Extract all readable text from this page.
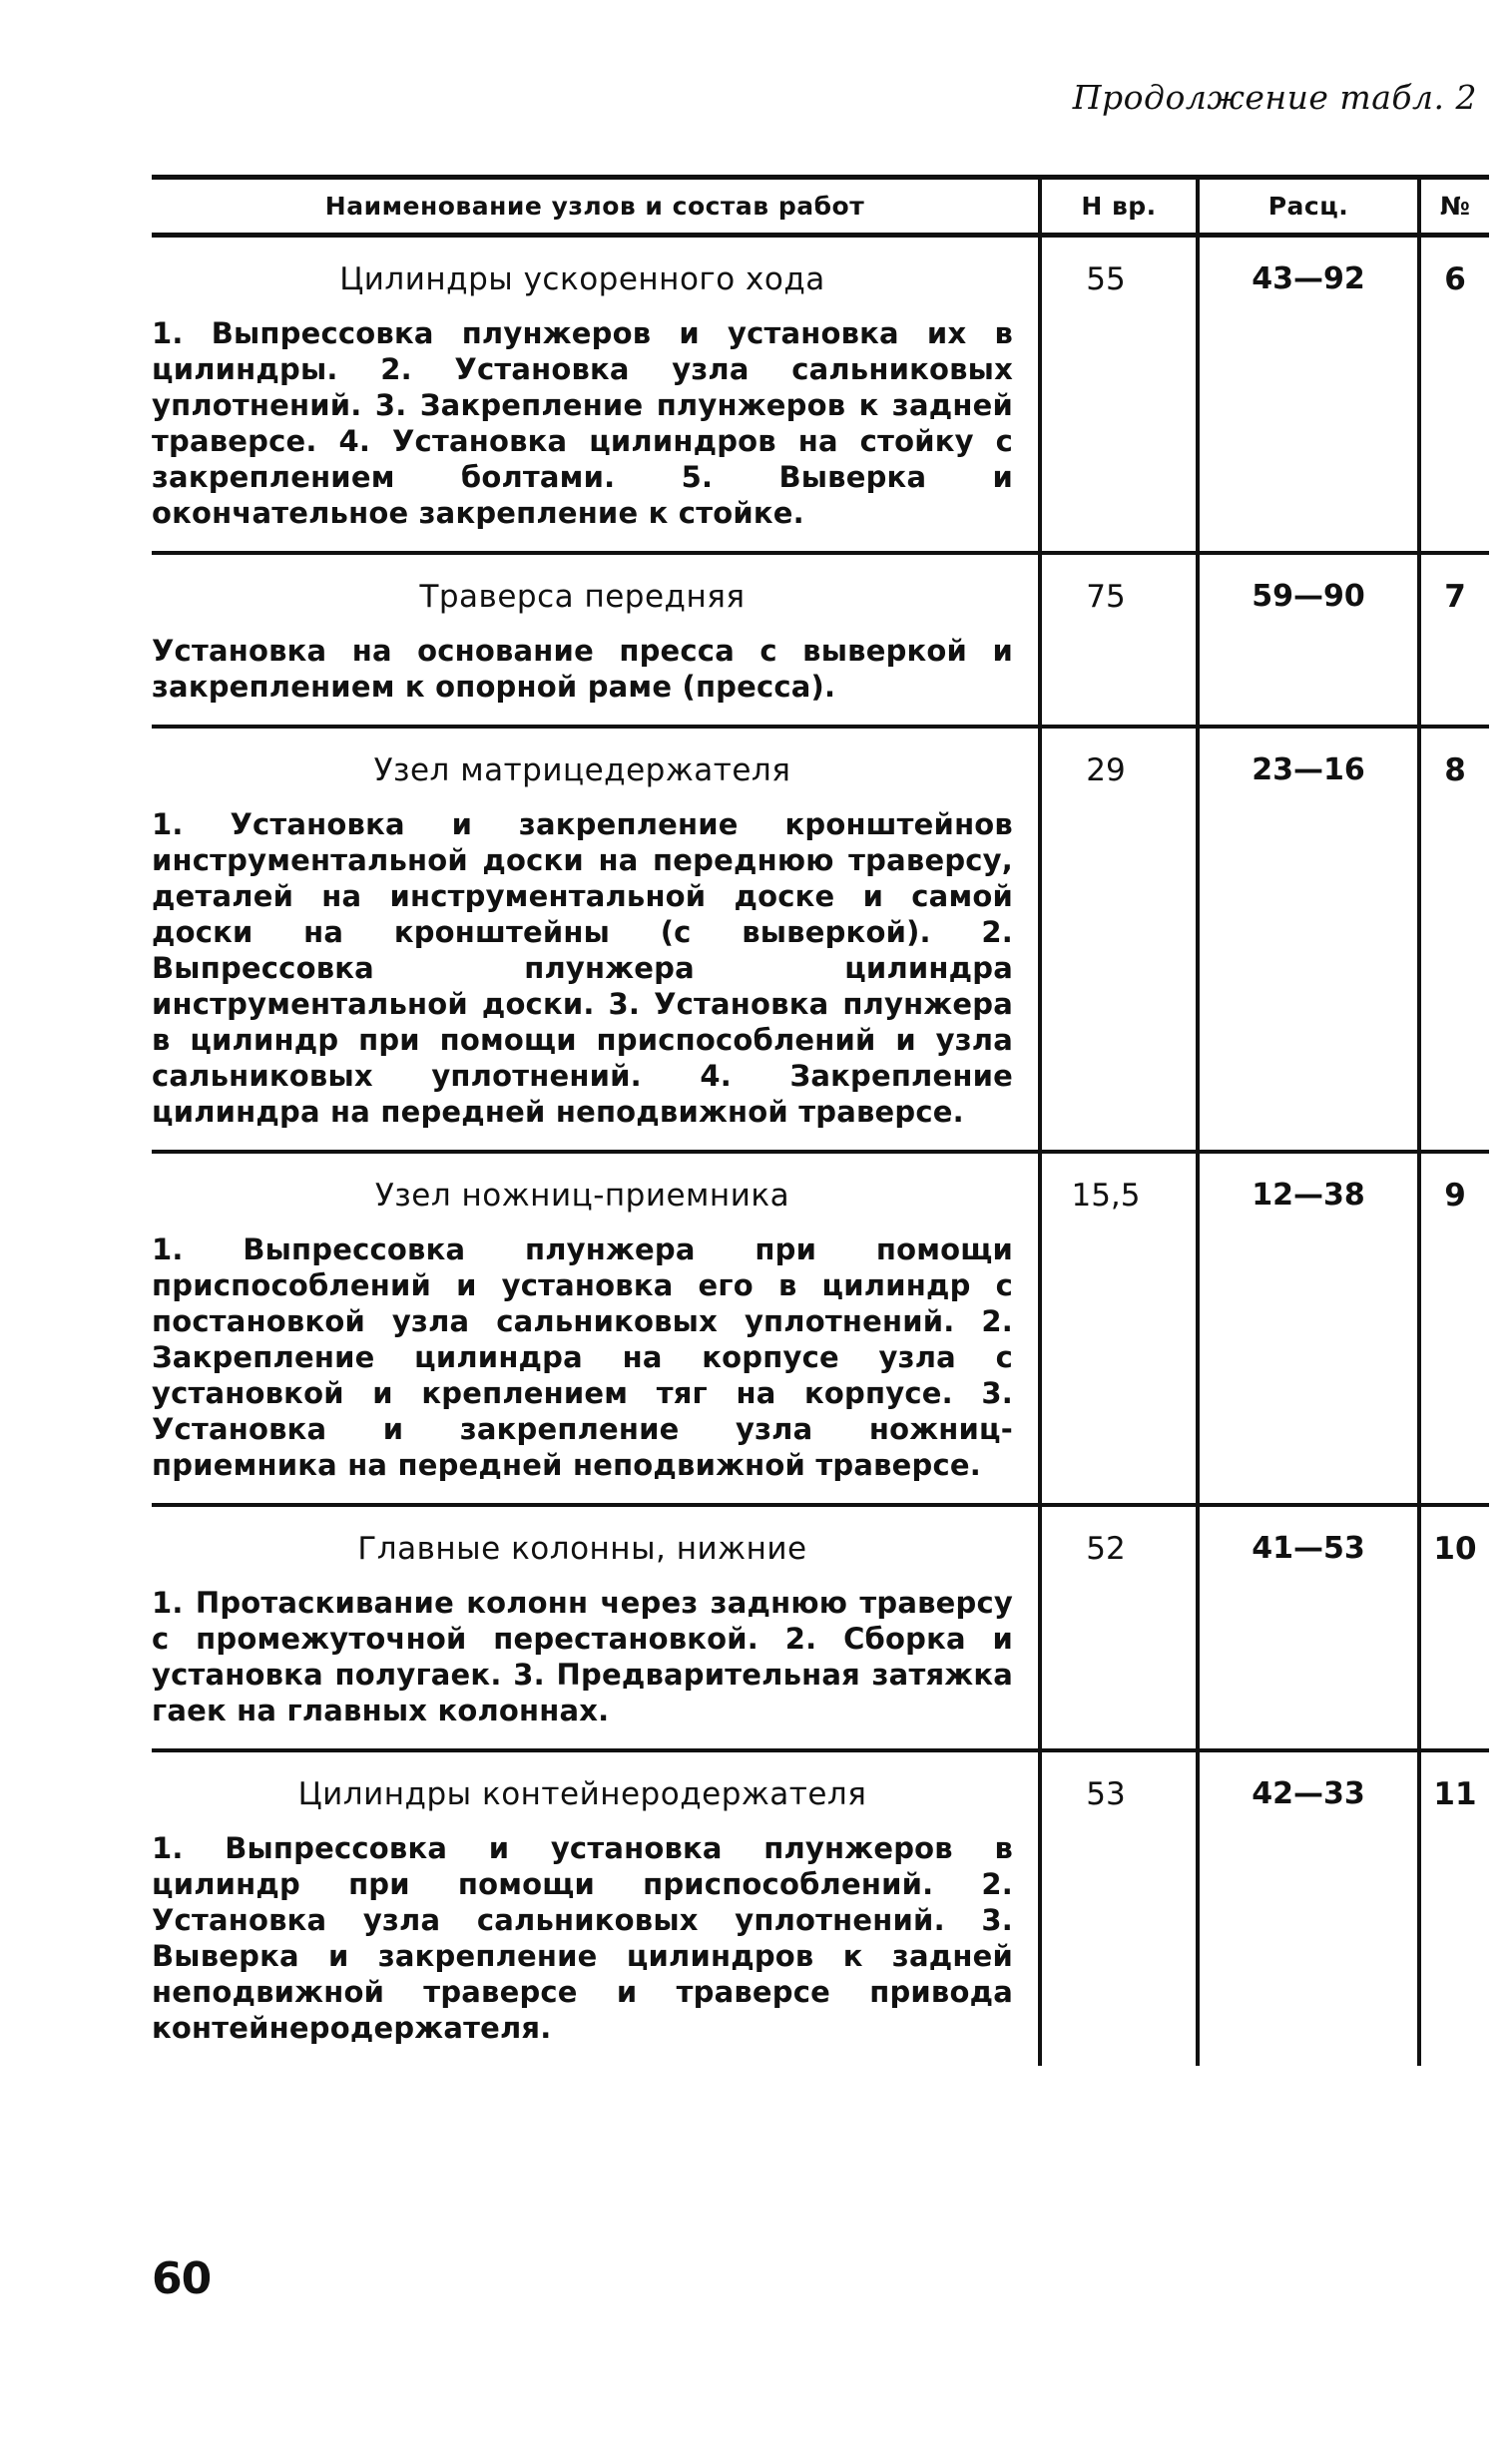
Продолжение табл. 2
Наименование узлов и состав работ	Н вр.	Расц.	№
Цилиндры ускоренного хода
1. Выпрессовка плунжеров и установка их в цилиндры. 2. Установка узла сальниковых уплотнений. 3. Закрепление плунжеров к задней траверсе. 4. Установка цилиндров на стойку с закреплением болтами. 5. Выверка и окончательное закрепление к стойке.
55	43—92	6
Траверса передняя
Установка на основание пресса с выверкой и закреплением к опорной раме (пресса).
75	59—90	7
Узел матрицедержателя
1. Установка и закрепление кронштейнов инструментальной доски на переднюю траверсу, деталей на инструментальной доске и самой доски на кронштейны (с выверкой). 2. Выпрессовка плунжера цилиндра инструментальной доски. 3. Установка плунжера в цилиндр при помощи приспособлений и узла сальниковых уплотнений. 4. Закрепление цилиндра на передней неподвижной траверсе.
29	23—16	8
Узел ножниц-приемника
1. Выпрессовка плунжера при помощи приспособлений и установка его в цилиндр с постановкой узла сальниковых уплотнений. 2. Закрепление цилиндра на корпусе узла с установкой и креплением тяг на корпусе. 3. Установка и закрепление узла ножниц-приемника на передней неподвижной траверсе.
15,5	12—38	9
Главные колонны, нижние
1. Протаскивание колонн через заднюю траверсу с промежуточной перестановкой. 2. Сборка и установка полугаек. 3. Предварительная затяжка гаек на главных колоннах.
52	41—53	10
Цилиндры контейнеродержателя
1. Выпрессовка и установка плунжеров в цилиндр при помощи приспособлений. 2. Установка узла сальниковых уплотнений. 3. Выверка и закрепление цилиндров к задней неподвижной траверсе и траверсе привода контейнеродержателя.
53	42—33	11
60
